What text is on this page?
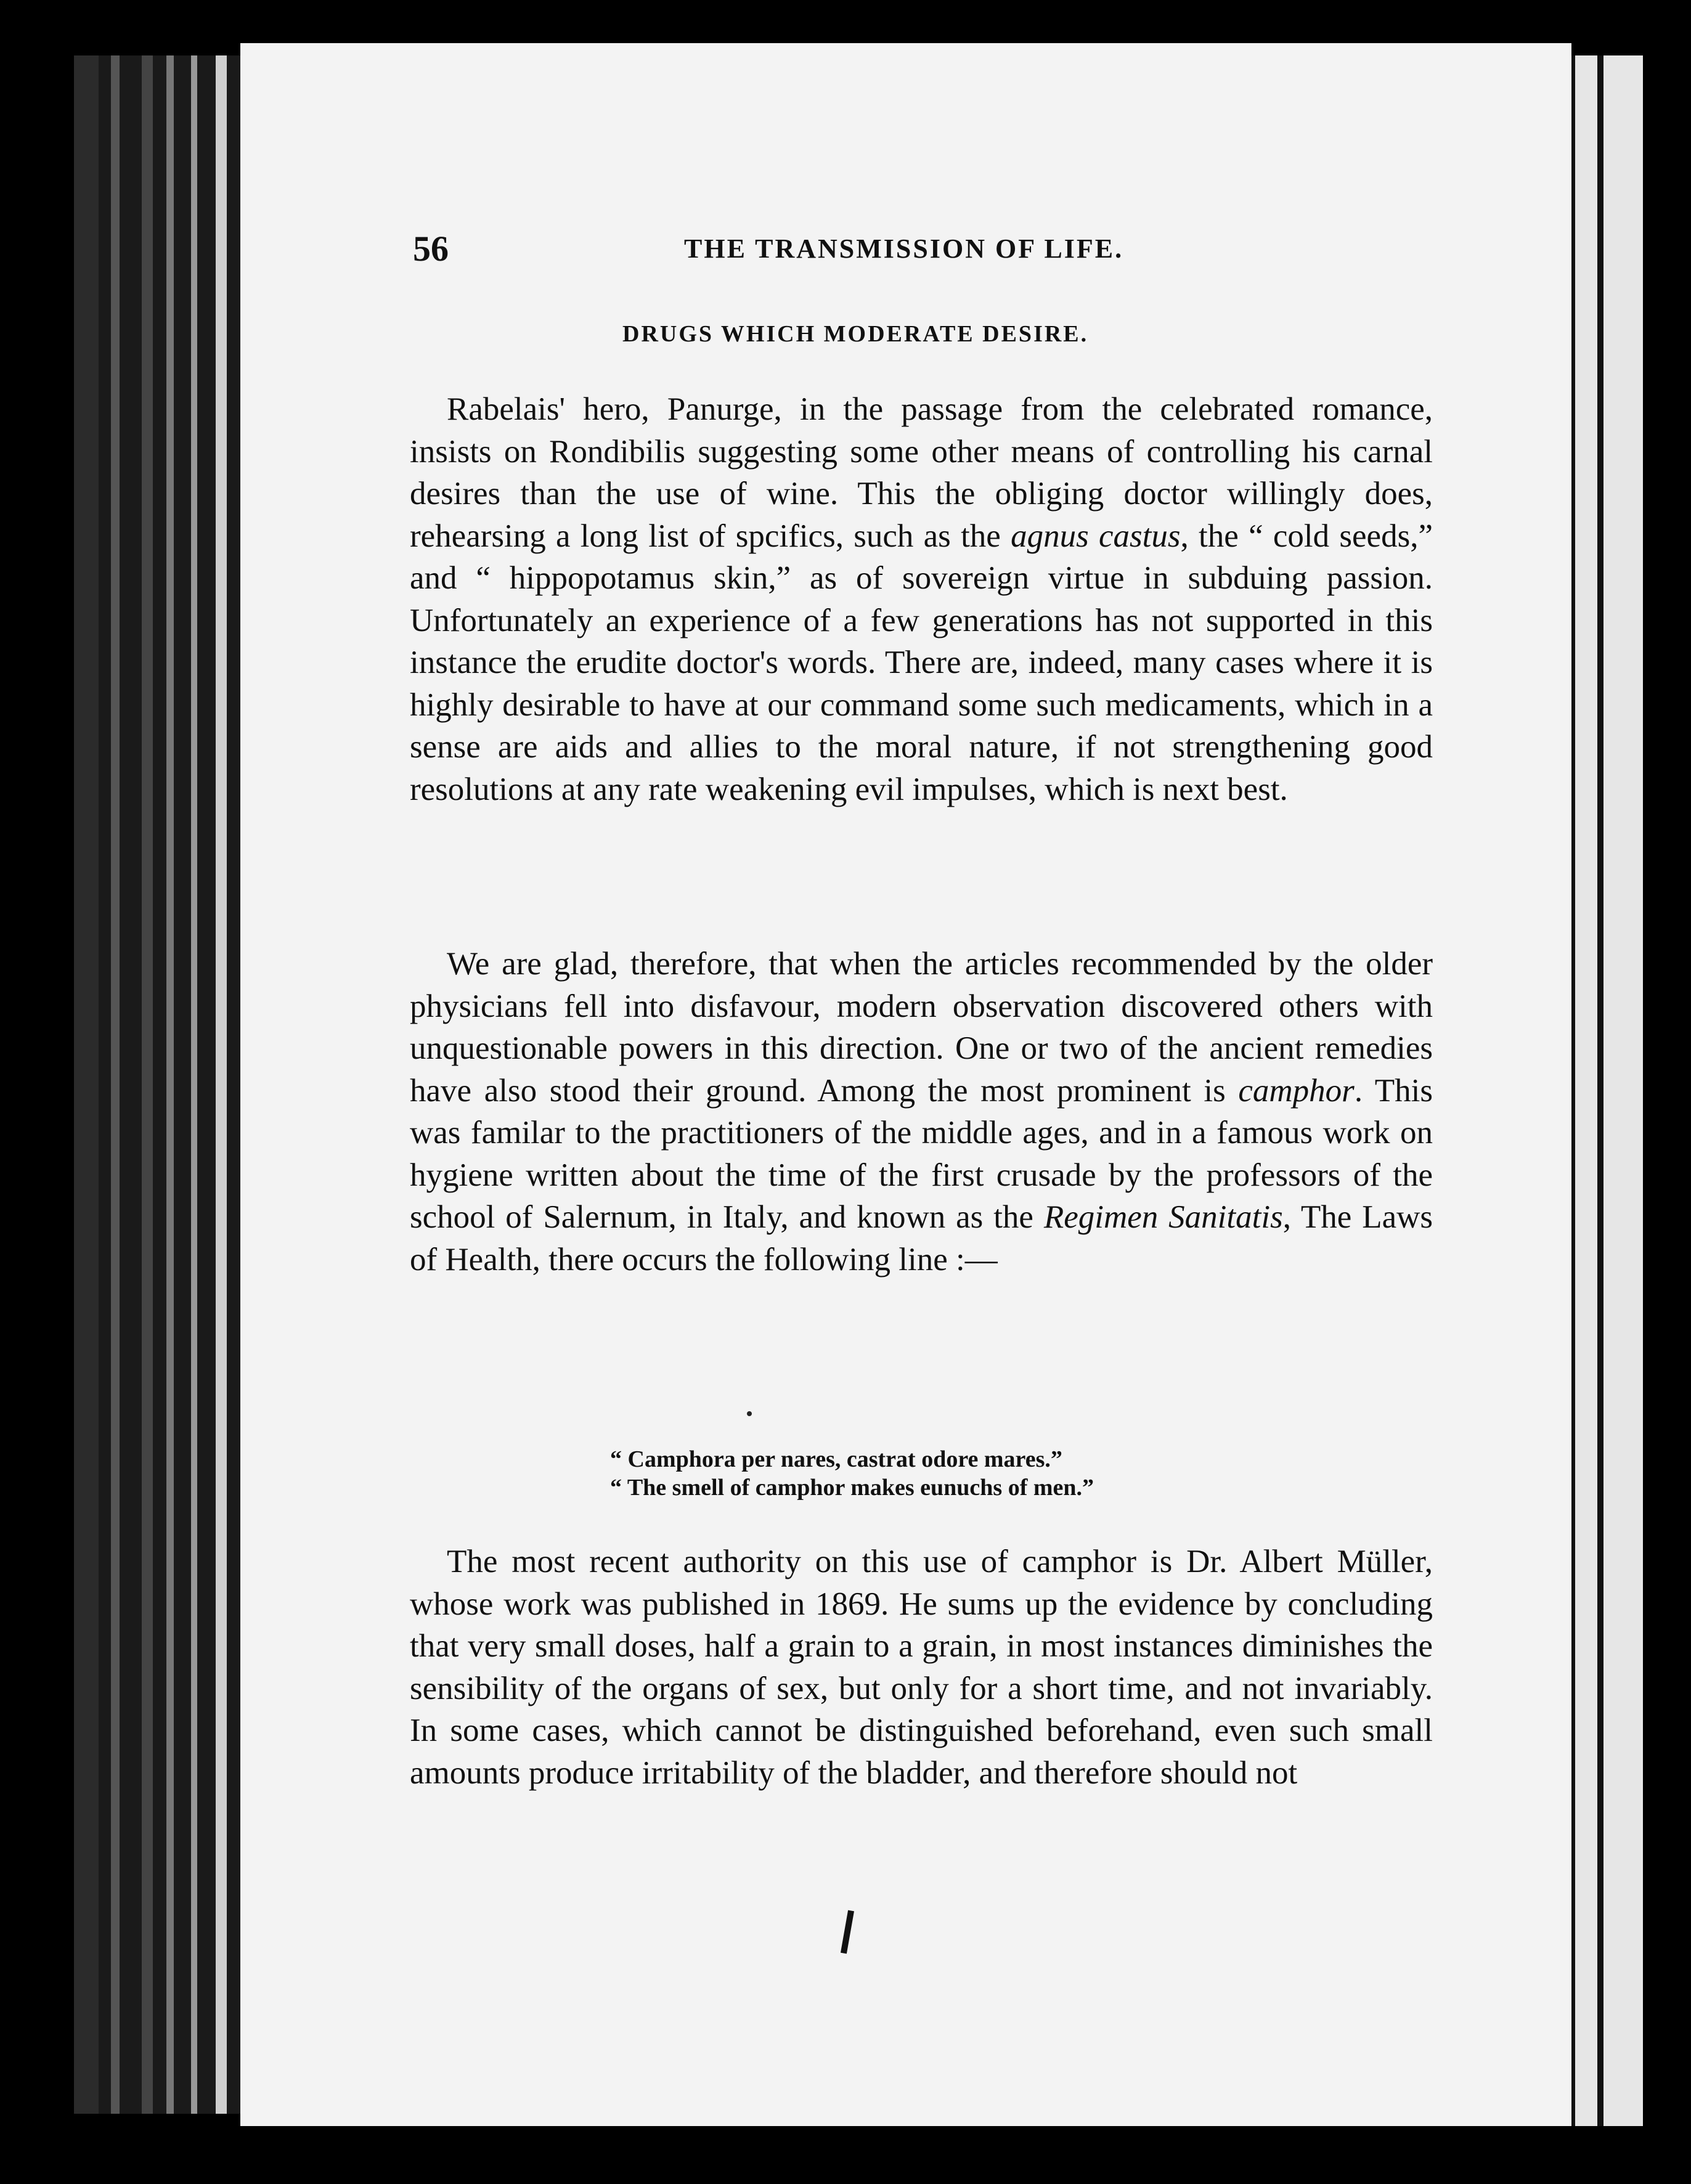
56	THE TRANSMISSION OF LIFE.
DRUGS WHICH MODERATE DESIRE.

Rabelais' hero, Panurge, in the passage from the celebrated romance, insists on Rondibilis suggesting some other means of controlling his carnal desires than the use of wine. This the obliging doctor willingly does, rehearsing a long list of spcifics, such as the agnus castus, the “ cold seeds,” and “ hippopotamus skin,” as of sovereign virtue in subduing passion. Unfortunately an experience of a few generations has not supported in this instance the erudite doctor's words. There are, indeed, many cases where it is highly desirable to have at our command some such medicaments, which in a sense are aids and allies to the moral nature, if not strengthening good resolutions at any rate weakening evil impulses, which is next best.

We are glad, therefore, that when the articles recommended by the older physicians fell into disfavour, modern observation discovered others with unquestionable powers in this direction. One or two of the ancient remedies have also stood their ground. Among the most prominent is camphor. This was familar to the practitioners of the middle ages, and in a famous work on hygiene written about the time of the first crusade by the professors of the school of Salernum, in Italy, and known as the Regimen Sanitatis, The Laws of Health, there occurs the following line :—

“ Camphora per nares, castrat odore mares.”
“ The smell of camphor makes eunuchs of men.”

The most recent authority on this use of camphor is Dr. Albert Müller, whose work was published in 1869. He sums up the evidence by concluding that very small doses, half a grain to a grain, in most instances diminishes the sensibility of the organs of sex, but only for a short time, and not invariably. In some cases, which cannot be distinguished beforehand, even such small amounts produce irritability of the bladder, and therefore should not
